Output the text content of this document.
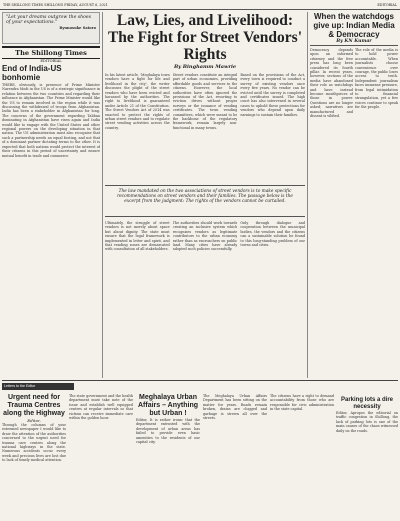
THE SHILLONG TIMES SHILLONG FRIDAY, AUGUST 6, 2021	EDITORIAL
"Let your dreams outgrow the shoes of your expectations."
Ryunosuke Satoro
The Shillong Times
EDITORIAL
End of India-US bonhomie
THERE, obviously, is presence of Prime Minister Narendra Modi in the US is of a strategic significance in relation between the two countries and regarding their influence in Afghanistan. The Prime Minister would like the US to remain involved in the region while it was discussing the withdrawal of troops from Afghanistan. India has been a stakeholder in Afghanistan for long. The concerns of the government regarding Taliban dominating in Afghanistan have risen again and India would like to engage with the United States and other regional powers on the developing situation in that nation. The US administration must also recognise that such a partnership needs an equal footing, and not that of a dominant partner dictating terms to the other. It is expected that both nations would protect the interest of their citizens in this period of uncertainty and ensure mutual benefit in trade and commerce.
Law, Lies, and Livelihood: The Fight for Street Vendors' Rights
By Binghamm Mawrie
In his latest article, 'Meghalaya town vendors have a fight for life and livelihood in the city', the writer discusses the plight of the street vendors who have been evicted and harassed by the authorities. The right to livelihood is guaranteed under Article 21 of the Constitution. The Street Vendors Act of 2014 was enacted to protect the rights of urban street vendors and to regulate street vending activities across the country.
Street vendors constitute an integral part of urban economies, providing affordable goods and services to the citizens. However, the local authorities have often ignored the provisions of the Act, resorting to eviction drives without proper surveys or the issuance of vending certificates. The town vending committees, which were meant to be the backbone of the regulatory framework, remain largely non-functional in many towns.
Based on the provisions of the Act, every town is required to conduct a survey of existing vendors once every five years. No vendor can be evicted until the survey is completed and certificates issued. The high court has also intervened in several cases to uphold these protections for vendors who depend upon daily earnings to sustain their families.
The law mandated on the two associations of street vendors is to make specific recommendations on street vendors and their families. The passage below is the excerpt from the judgment: The rights of the vendors cannot be curtailed.
Ultimately, the struggle of street vendors is not merely about space but about dignity. The state must ensure that the legal framework is implemented in letter and spirit, and that vending zones are demarcated with consultation of all stakeholders.
The authorities should work towards creating an inclusive system which recognises vendors as legitimate contributors to the urban economy rather than as encroachers on public land. Many cities have already adopted such policies successfully.
Only through dialogue and cooperation between the municipal bodies, the vendors and the citizens can a sustainable solution be found to this long-standing problem of our towns and cities.
When the watchdogs give up: Indian Media & Democracy
By KN Kumar
Democracy depends upon an informed citizenry and the free press has long been considered its fourth pillar. In recent years, however, sections of the media have abandoned their role as watchdogs and have instead become mouthpieces of those in power. Questions are no longer asked; narratives are manufactured and dissent is vilified.
The role of the media is to hold power accountable. When journalists choose convenience over courage, the public loses access to truth. Independent journalism faces immense pressure, from legal intimidation to financial strangulation, yet a few voices continue to speak for the people.
Letters to the Editor
Urgent need for Trauma Centres along the Highway
Editor,
Through the columns of your esteemed newspaper I would like to draw the attention of the authorities concerned to the urgent need for trauma care centres along the national highways in the state. Numerous accidents occur every week and precious lives are lost due to lack of timely medical attention.
The state government and the health department must take note of the issue and establish well equipped centres at regular intervals so that victims can receive immediate care within the golden hour.
Meghalaya Urban Affairs – Anything but Urban !
Editor, It is rather ironic that the department entrusted with the development of urban areas has failed to provide even basic amenities to the residents of our capital city.
The Meghalaya Urban Affairs Department has been sitting on the matter for years. Roads remain broken, drains are clogged and garbage is strewn all over the streets.
The citizens have a right to demand accountability from those who are responsible for civic administration in the state capital.
Parking lots a dire necessity
Editor, Apropos the editorial on traffic congestion in Shillong, the lack of parking lots is one of the main causes of the chaos witnessed daily on the roads.
